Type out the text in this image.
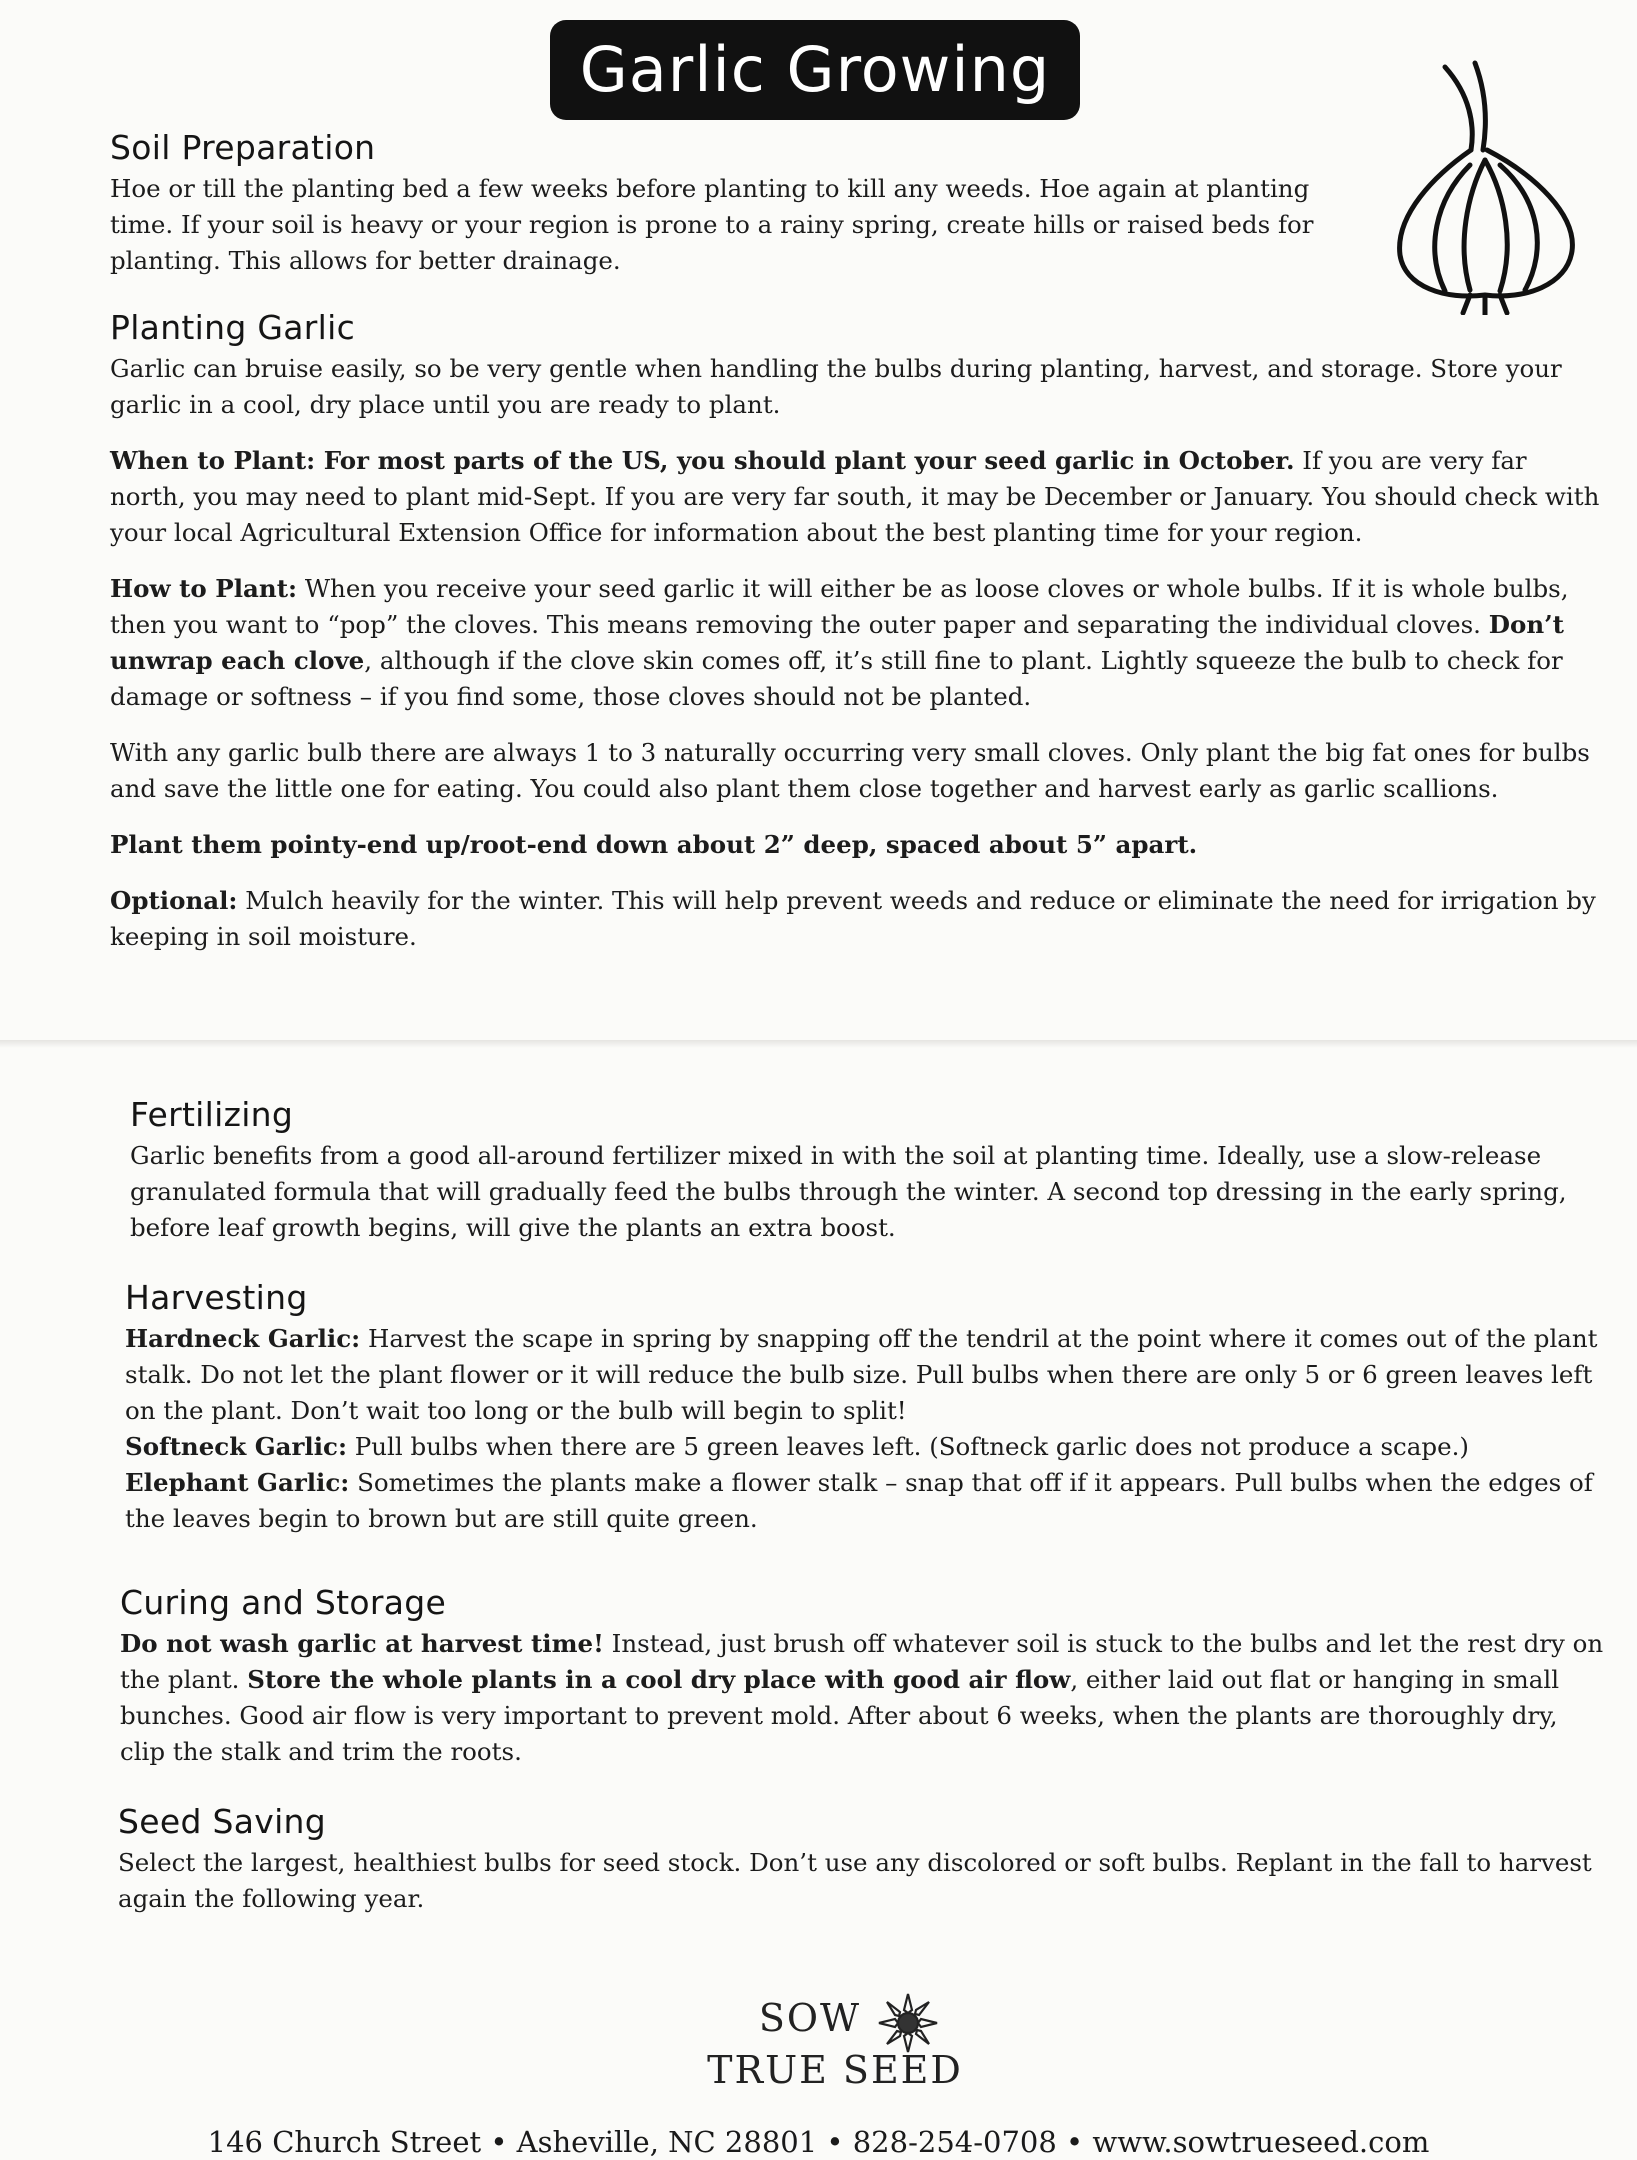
Garlic Growing
Soil Preparation

Hoe or till the planting bed a few weeks before planting to kill any weeds. Hoe again at planting time. If your soil is heavy or your region is prone to a rainy spring, create hills or raised beds for planting. This allows for better drainage.

Planting Garlic

Garlic can bruise easily, so be very gentle when handling the bulbs during planting, harvest, and storage. Store your garlic in a cool, dry place until you are ready to plant.

When to Plant: For most parts of the US, you should plant your seed garlic in October. If you are very far north, you may need to plant mid-Sept. If you are very far south, it may be December or January. You should check with your local Agricultural Extension Office for information about the best planting time for your region.

How to Plant: When you receive your seed garlic it will either be as loose cloves or whole bulbs. If it is whole bulbs, then you want to “pop” the cloves. This means removing the outer paper and separating the individual cloves. Don’t unwrap each clove, although if the clove skin comes off, it’s still fine to plant. Lightly squeeze the bulb to check for damage or softness – if you find some, those cloves should not be planted.

With any garlic bulb there are always 1 to 3 naturally occurring very small cloves. Only plant the big fat ones for bulbs and save the little one for eating. You could also plant them close together and harvest early as garlic scallions.

Plant them pointy-end up/root-end down about 2” deep, spaced about 5” apart.

Optional: Mulch heavily for the winter. This will help prevent weeds and reduce or eliminate the need for irrigation by keeping in soil moisture.

Fertilizing

Garlic benefits from a good all-around fertilizer mixed in with the soil at planting time. Ideally, use a slow-release granulated formula that will gradually feed the bulbs through the winter. A second top dressing in the early spring, before leaf growth begins, will give the plants an extra boost.

Harvesting

Hardneck Garlic: Harvest the scape in spring by snapping off the tendril at the point where it comes out of the plant stalk. Do not let the plant flower or it will reduce the bulb size. Pull bulbs when there are only 5 or 6 green leaves left on the plant. Don’t wait too long or the bulb will begin to split!

Softneck Garlic: Pull bulbs when there are 5 green leaves left. (Softneck garlic does not produce a scape.)

Elephant Garlic: Sometimes the plants make a flower stalk – snap that off if it appears. Pull bulbs when the edges of the leaves begin to brown but are still quite green.

Curing and Storage

Do not wash garlic at harvest time! Instead, just brush off whatever soil is stuck to the bulbs and let the rest dry on the plant. Store the whole plants in a cool dry place with good air flow, either laid out flat or hanging in small bunches. Good air flow is very important to prevent mold. After about 6 weeks, when the plants are thoroughly dry, clip the stalk and trim the roots.

Seed Saving

Select the largest, healthiest bulbs for seed stock. Don’t use any discolored or soft bulbs. Replant in the fall to harvest again the following year.

SOW
TRUE SEED
146 Church Street • Asheville, NC 28801 • 828-254-0708 • www.sowtrueseed.com
